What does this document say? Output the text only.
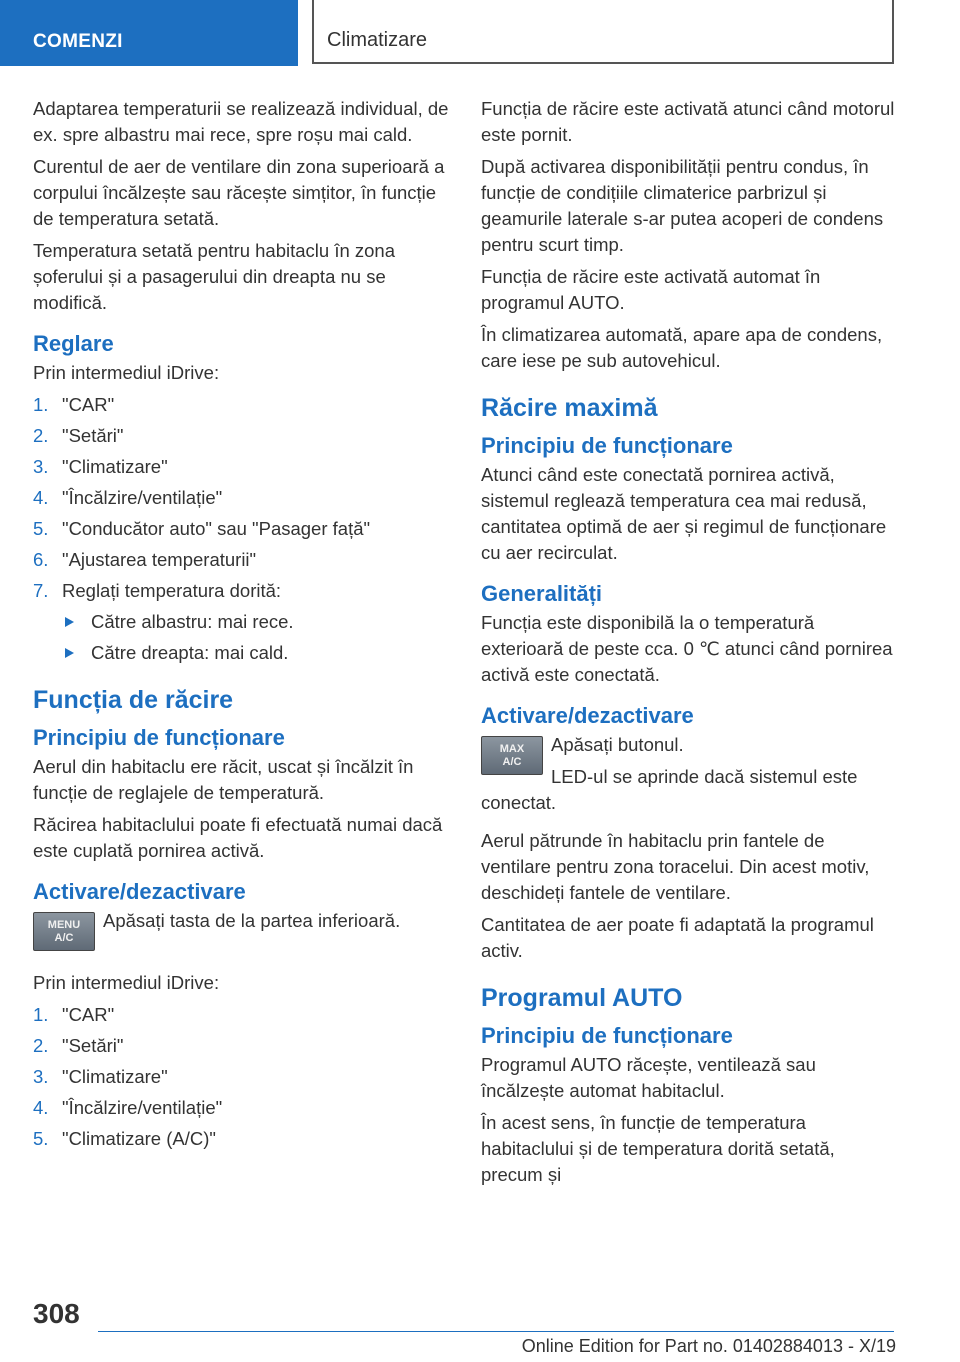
COMENZI	Climatizare

Adaptarea temperaturii se realizează individual, de ex. spre albastru mai rece, spre roșu mai cald.

Curentul de aer de ventilare din zona superioară a corpului încălzește sau răcește simțitor, în funcție de temperatura setată.

Temperatura setată pentru habitaclu în zona șoferului și a pasagerului din dreapta nu se modifică.

Reglare

Prin intermediul iDrive:

1. "CAR"
2. "Setări"
3. "Climatizare"
4. "Încălzire/ventilație"
5. "Conducător auto" sau "Pasager față"
6. "Ajustarea temperaturii"
7. Reglați temperatura dorită:
Către albastru: mai rece.
Către dreapta: mai cald.
Funcția de răcire
Principiu de funcționare

Aerul din habitaclu ere răcit, uscat și încălzit în funcție de reglajele de temperatură.

Răcirea habitaclului poate fi efectuată numai dacă este cuplată pornirea activă.

Activare/dezactivare
MENU
A/C

Apăsați tasta de la partea inferioară.

Prin intermediul iDrive:

1. "CAR"
2. "Setări"
3. "Climatizare"
4. "Încălzire/ventilație"
5. "Climatizare (A/C)"

Funcția de răcire este activată atunci când motorul este pornit.

După activarea disponibilității pentru condus, în funcție de condițiile climaterice parbrizul și geamurile laterale s-ar putea acoperi de condens pentru scurt timp.

Funcția de răcire este activată automat în programul AUTO.

În climatizarea automată, apare apa de condens, care iese pe sub autovehicul.

Răcire maximă
Principiu de funcționare

Atunci când este conectată pornirea activă, sistemul reglează temperatura cea mai redusă, cantitatea optimă de aer și regimul de funcționare cu aer recirculat.

Generalități

Funcția este disponibilă la o temperatură exterioară de peste cca. 0 ℃ atunci când pornirea activă este conectată.

Activare/dezactivare
MAX
A/C

Apăsați butonul.

LED-ul se aprinde dacă sistemul este conectat.

Aerul pătrunde în habitaclu prin fantele de ventilare pentru zona toracelui. Din acest motiv, deschideți fantele de ventilare.

Cantitatea de aer poate fi adaptată la programul activ.

Programul AUTO
Principiu de funcționare

Programul AUTO răcește, ventilează sau încălzește automat habitaclul.

În acest sens, în funcție de temperatura habitaclului și de temperatura dorită setată, precum și

308
Online Edition for Part no. 01402884013 - X/19
